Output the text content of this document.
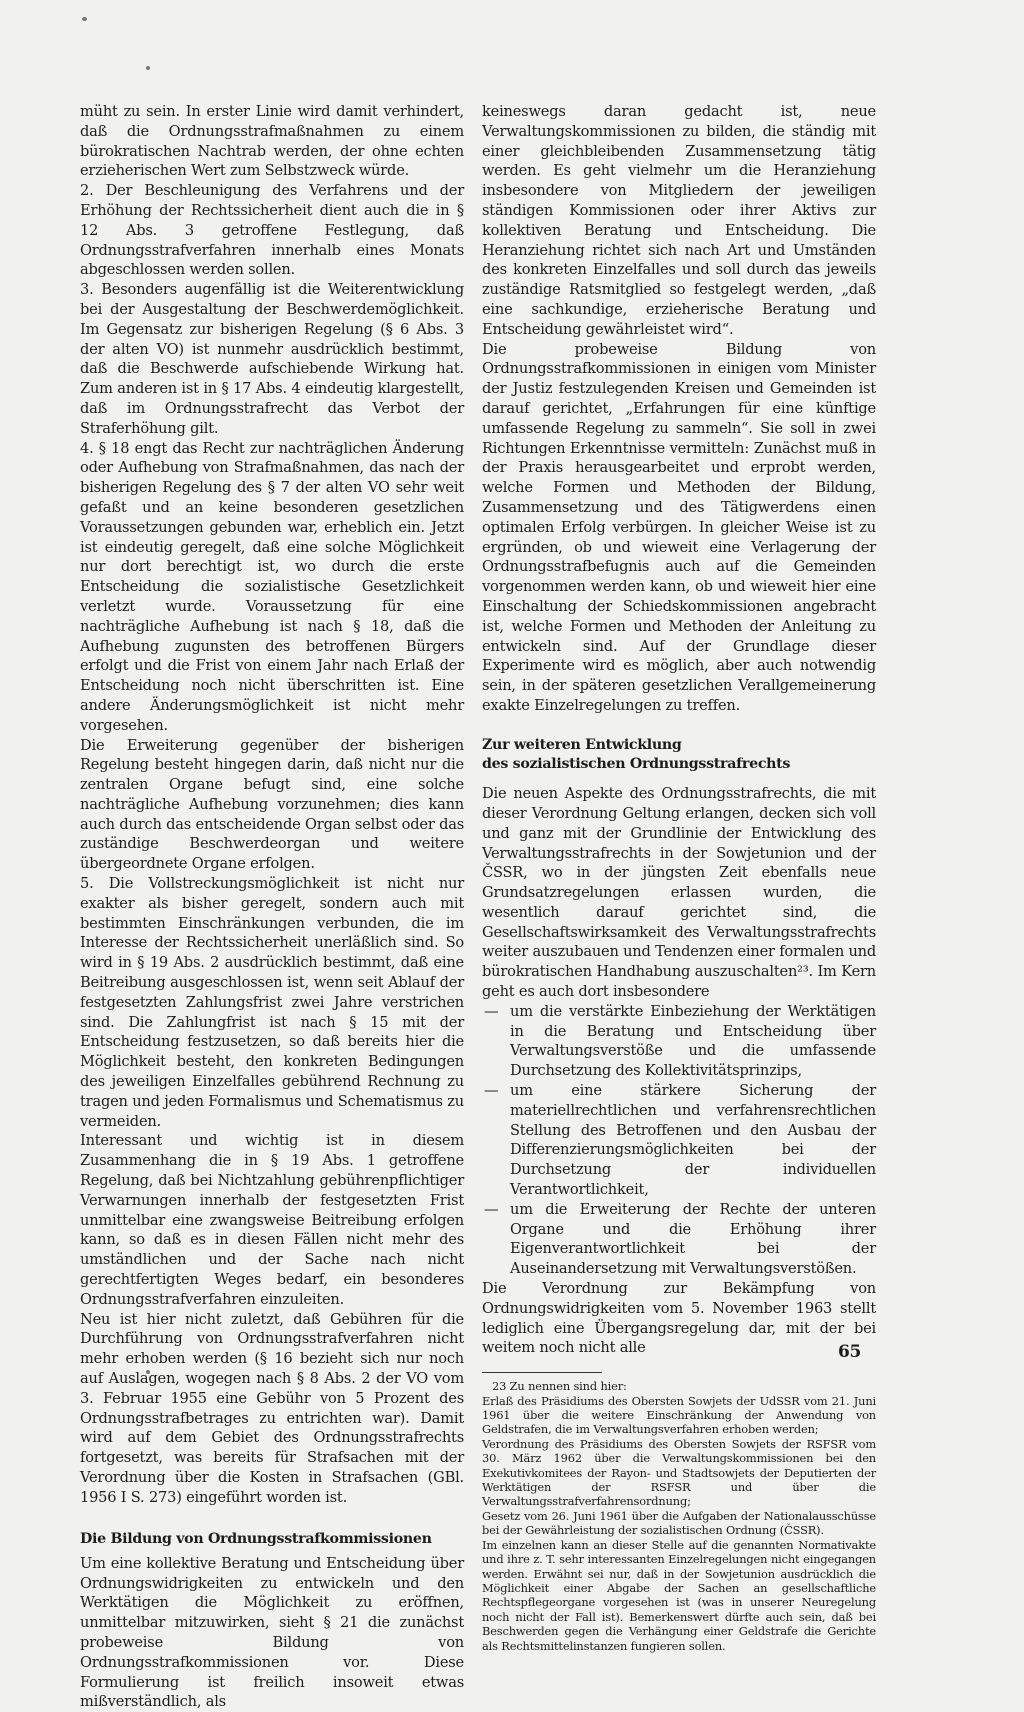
müht zu sein. In erster Linie wird damit verhindert, daß die Ordnungsstrafmaßnahmen zu einem bürokratischen Nachtrab werden, der ohne echten erzieherischen Wert zum Selbstzweck würde.

2. Der Beschleunigung des Verfahrens und der Erhöhung der Rechtssicherheit dient auch die in § 12 Abs. 3 getroffene Festlegung, daß Ordnungsstrafverfahren innerhalb eines Monats abgeschlossen werden sollen.

3. Besonders augenfällig ist die Weiterentwicklung bei der Ausgestaltung der Beschwerdemöglichkeit. Im Gegensatz zur bisherigen Regelung (§ 6 Abs. 3 der alten VO) ist nunmehr ausdrücklich bestimmt, daß die Beschwerde aufschiebende Wirkung hat. Zum anderen ist in § 17 Abs. 4 eindeutig klargestellt, daß im Ordnungsstrafrecht das Verbot der Straferhöhung gilt.

4. § 18 engt das Recht zur nachträglichen Änderung oder Aufhebung von Strafmaßnahmen, das nach der bisherigen Regelung des § 7 der alten VO sehr weit gefaßt und an keine besonderen gesetzlichen Voraussetzungen gebunden war, erheblich ein. Jetzt ist eindeutig geregelt, daß eine solche Möglichkeit nur dort berechtigt ist, wo durch die erste Entscheidung die sozialistische Gesetzlichkeit verletzt wurde. Voraussetzung für eine nachträgliche Aufhebung ist nach § 18, daß die Aufhebung zugunsten des betroffenen Bürgers erfolgt und die Frist von einem Jahr nach Erlaß der Entscheidung noch nicht überschritten ist. Eine andere Änderungsmöglichkeit ist nicht mehr vorgesehen.

Die Erweiterung gegenüber der bisherigen Regelung besteht hingegen darin, daß nicht nur die zentralen Organe befugt sind, eine solche nachträgliche Aufhebung vorzunehmen; dies kann auch durch das entscheidende Organ selbst oder das zuständige Beschwerdeorgan und weitere übergeordnete Organe erfolgen.

5. Die Vollstreckungsmöglichkeit ist nicht nur exakter als bisher geregelt, sondern auch mit bestimmten Einschränkungen verbunden, die im Interesse der Rechtssicherheit unerläßlich sind. So wird in § 19 Abs. 2 ausdrücklich bestimmt, daß eine Beitreibung ausgeschlossen ist, wenn seit Ablauf der festgesetzten Zahlungsfrist zwei Jahre verstrichen sind. Die Zahlungfrist ist nach § 15 mit der Entscheidung festzusetzen, so daß bereits hier die Möglichkeit besteht, den konkreten Bedingungen des jeweiligen Einzelfalles gebührend Rechnung zu tragen und jeden Formalismus und Schematismus zu vermeiden.

Interessant und wichtig ist in diesem Zusammenhang die in § 19 Abs. 1 getroffene Regelung, daß bei Nichtzahlung gebührenpflichtiger Verwarnungen innerhalb der festgesetzten Frist unmittelbar eine zwangsweise Beitreibung erfolgen kann, so daß es in diesen Fällen nicht mehr des umständlichen und der Sache nach nicht gerechtfertigten Weges bedarf, ein besonderes Ordnungsstrafverfahren einzuleiten.

Neu ist hier nicht zuletzt, daß Gebühren für die Durchführung von Ordnungsstrafverfahren nicht mehr erhoben werden (§ 16 bezieht sich nur noch auf Auslagen, wogegen nach § 8 Abs. 2 der VO vom 3. Februar 1955 eine Gebühr von 5 Prozent des Ordnungsstrafbetrages zu entrichten war). Damit wird auf dem Gebiet des Ordnungsstrafrechts fortgesetzt, was bereits für Strafsachen mit der Verordnung über die Kosten in Strafsachen (GBl. 1956 I S. 273) eingeführt worden ist.

Die Bildung von Ordnungsstrafkommissionen

Um eine kollektive Beratung und Entscheidung über Ordnungswidrigkeiten zu entwickeln und den Werktätigen die Möglichkeit zu eröffnen, unmittelbar mitzuwirken, sieht § 21 die zunächst probeweise Bildung von Ordnungsstrafkommissionen vor. Diese Formulierung ist freilich insoweit etwas mißverständlich, als

keineswegs daran gedacht ist, neue Verwaltungskommissionen zu bilden, die ständig mit einer gleichbleibenden Zusammensetzung tätig werden. Es geht vielmehr um die Heranziehung insbesondere von Mitgliedern der jeweiligen ständigen Kommissionen oder ihrer Aktivs zur kollektiven Beratung und Entscheidung. Die Heranziehung richtet sich nach Art und Umständen des konkreten Einzelfalles und soll durch das jeweils zuständige Ratsmitglied so festgelegt werden, „daß eine sachkundige, erzieherische Beratung und Entscheidung gewährleistet wird“.

Die probeweise Bildung von Ordnungsstrafkommissionen in einigen vom Minister der Justiz festzulegenden Kreisen und Gemeinden ist darauf gerichtet, „Erfahrungen für eine künftige umfassende Regelung zu sammeln“. Sie soll in zwei Richtungen Erkenntnisse vermitteln: Zunächst muß in der Praxis herausgearbeitet und erprobt werden, welche Formen und Methoden der Bildung, Zusammensetzung und des Tätigwerdens einen optimalen Erfolg verbürgen. In gleicher Weise ist zu ergründen, ob und wieweit eine Verlagerung der Ordnungsstrafbefugnis auch auf die Gemeinden vorgenommen werden kann, ob und wieweit hier eine Einschaltung der Schiedskommissionen angebracht ist, welche Formen und Methoden der Anleitung zu entwickeln sind. Auf der Grundlage dieser Experimente wird es möglich, aber auch notwendig sein, in der späteren gesetzlichen Verallgemeinerung exakte Einzelregelungen zu treffen.

Zur weiteren Entwicklung
des sozialistischen Ordnungsstrafrechts

Die neuen Aspekte des Ordnungsstrafrechts, die mit dieser Verordnung Geltung erlangen, decken sich voll und ganz mit der Grundlinie der Entwicklung des Verwaltungsstrafrechts in der Sowjetunion und der ČSSR, wo in der jüngsten Zeit ebenfalls neue Grundsatzregelungen erlassen wurden, die wesentlich darauf gerichtet sind, die Gesellschaftswirksamkeit des Verwaltungsstrafrechts weiter auszubauen und Tendenzen einer formalen und bürokratischen Handhabung auszuschalten²³. Im Kern geht es auch dort insbesondere

— um die verstärkte Einbeziehung der Werktätigen in die Beratung und Entscheidung über Verwaltungsverstöße und die umfassende Durchsetzung des Kollektivitätsprinzips,
— um eine stärkere Sicherung der materiellrechtlichen und verfahrensrechtlichen Stellung des Betroffenen und den Ausbau der Differenzierungsmöglichkeiten bei der Durchsetzung der individuellen Verantwortlichkeit,
— um die Erweiterung der Rechte der unteren Organe und die Erhöhung ihrer Eigenverantwortlichkeit bei der Auseinandersetzung mit Verwaltungsverstößen.

Die Verordnung zur Bekämpfung von Ordnungswidrigkeiten vom 5. November 1963 stellt lediglich eine Übergangsregelung dar, mit der bei weitem noch nicht alle

23 Zu nennen sind hier:

Erlaß des Präsidiums des Obersten Sowjets der UdSSR vom 21. Juni 1961 über die weitere Einschränkung der Anwendung von Geldstrafen, die im Verwaltungsverfahren erhoben werden;

Verordnung des Präsidiums des Obersten Sowjets der RSFSR vom 30. März 1962 über die Verwaltungskommissionen bei den Exekutivkomitees der Rayon- und Stadtsowjets der Deputierten der Werktätigen der RSFSR und über die Verwaltungsstrafverfahrensordnung;

Gesetz vom 26. Juni 1961 über die Aufgaben der Nationalausschüsse bei der Gewährleistung der sozialistischen Ordnung (ČSSR).

Im einzelnen kann an dieser Stelle auf die genannten Normativakte und ihre z. T. sehr interessanten Einzelregelungen nicht eingegangen werden. Erwähnt sei nur, daß in der Sowjetunion ausdrücklich die Möglichkeit einer Abgabe der Sachen an gesellschaftliche Rechtspflegeorgane vorgesehen ist (was in unserer Neuregelung noch nicht der Fall ist). Bemerkenswert dürfte auch sein, daß bei Beschwerden gegen die Verhängung einer Geldstrafe die Gerichte als Rechtsmittelinstanzen fungieren sollen.

65
